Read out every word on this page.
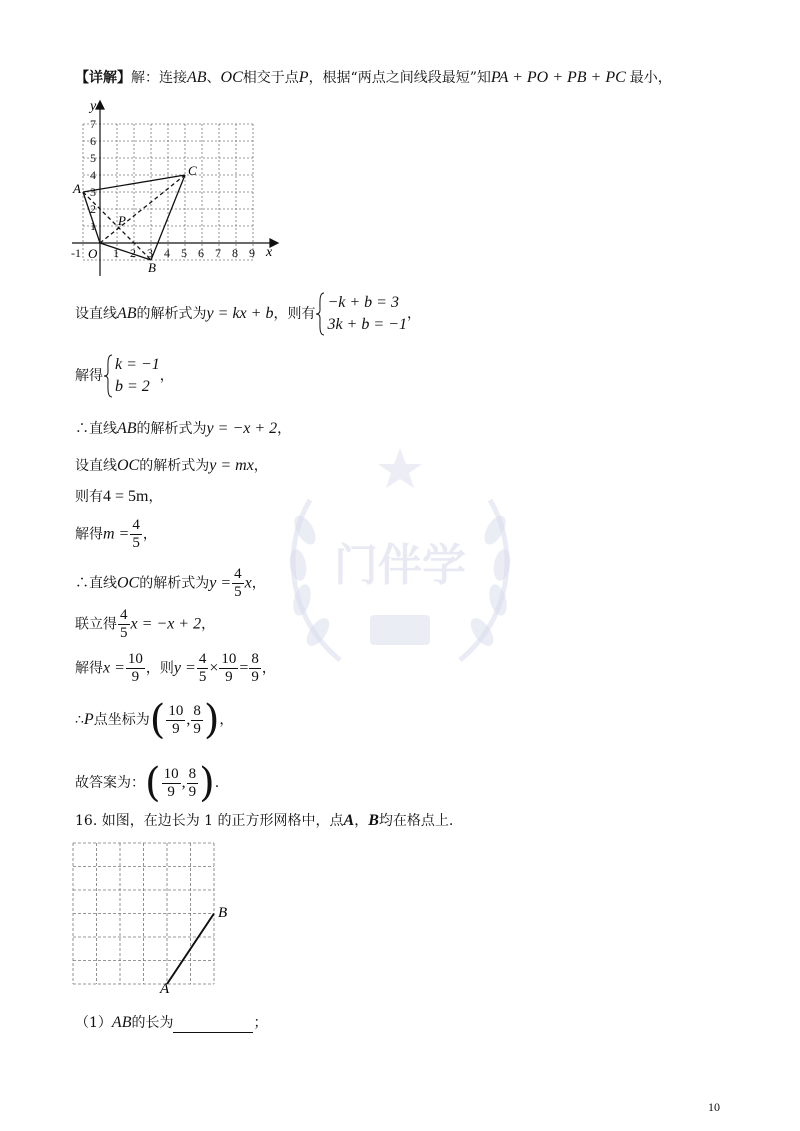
门伴学
【详解】解：连接AB、OC相交于点P，根据“两点之间线段最短”知PA + PO + PB + PC 最小，
-1	1 2 3 4 5 6 7 8 9
1
2
3
4
5
6
7
x
y
O
A
B
C
P
设直线AB的解析式为y = kx + b，则有
−k + b = 3
3k + b = −1
，
解得
k = −1
b = 2
，
∴直线AB的解析式为y = −x + 2，
设直线OC的解析式为y = mx，
则有4 = 5m，
解得$m = \frac{4}{5}$ ，
∴直线OC的解析式为$y = \frac{4}{5}$ x，
联立得 $\frac{4}{5}$ x = −x + 2，
解得$x = \frac{10}{9}$ ，则$y = \frac{4}{5} \times \frac{10}{9} = \frac{8}{9}$ ，
∴P点坐标为( $\frac{10}{9}$ , $\frac{8}{9}$ )，
故答案为：( $\frac{10}{9}$ , $\frac{8}{9}$ ).
16. 如图，在边长为 1 的正方形网格中，点A，B均在格点上.
A
B
（1）AB的长为	；
10
